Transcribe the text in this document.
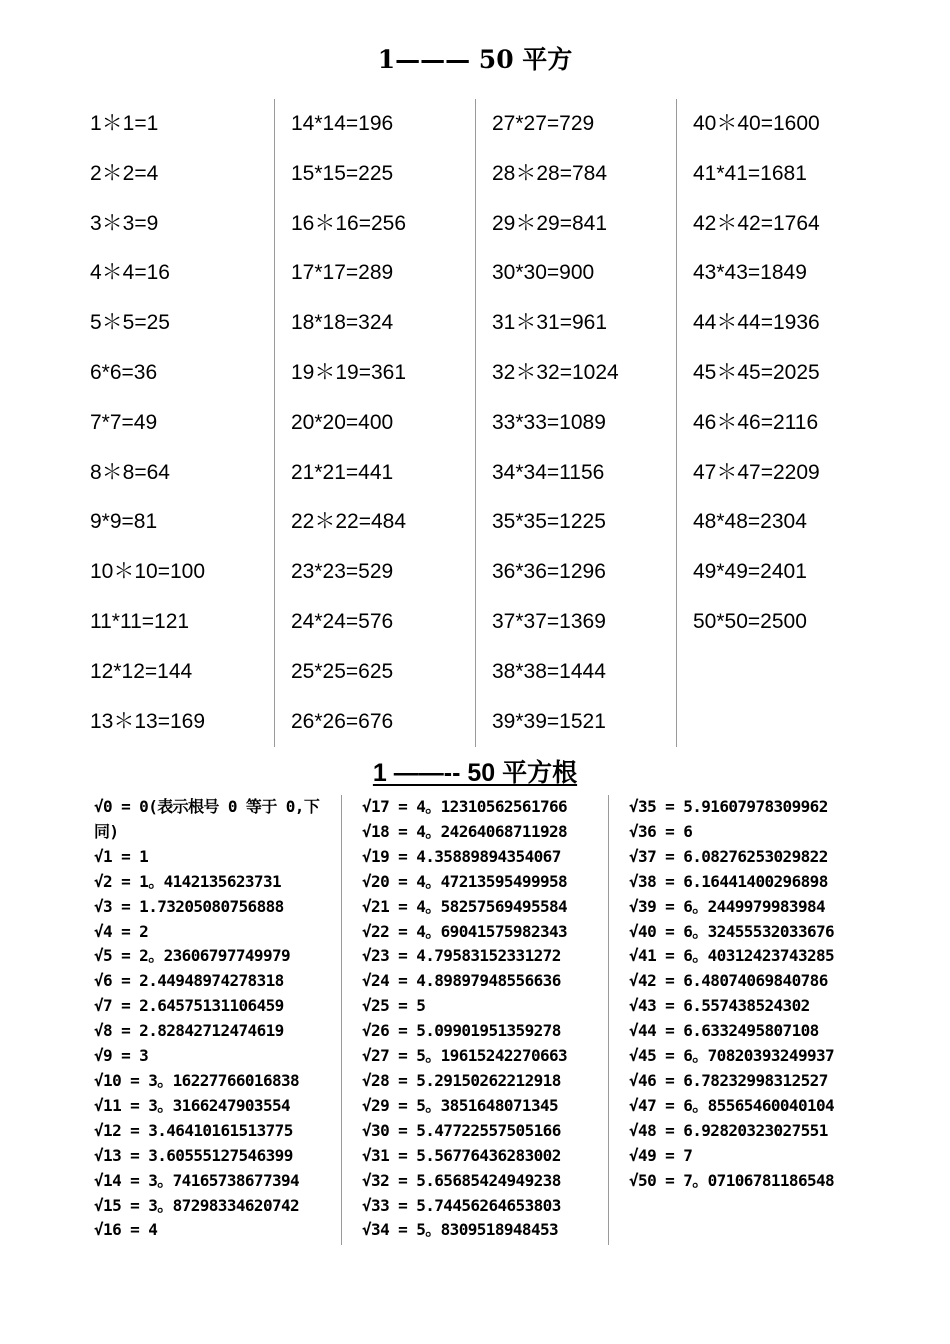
1——— 50 平方
1＊1=1
2＊2=4
3＊3=9
4＊4=16
5＊5=25
6*6=36
7*7=49
8＊8=64
9*9=81
10＊10=100
11*11=121
12*12=144
13＊13=169
14*14=196
15*15=225
16＊16=256
17*17=289
18*18=324
19＊19=361
20*20=400
21*21=441
22＊22=484
23*23=529
24*24=576
25*25=625
26*26=676
27*27=729
28＊28=784
29＊29=841
30*30=900
31＊31=961
32＊32=1024
33*33=1089
34*34=1156
35*35=1225
36*36=1296
37*37=1369
38*38=1444
39*39=1521
40＊40=1600
41*41=1681
42＊42=1764
43*43=1849
44＊44=1936
45＊45=2025
46＊46=2116
47＊47=2209
48*48=2304
49*49=2401
50*50=2500
1 ——-- 50 平方根
√0 = 0(表示根号 0 等于 0,下同)
√1 = 1
√2 = 1。4142135623731
√3 = 1.73205080756888
√4 = 2
√5 = 2。23606797749979
√6 = 2.44948974278318
√7 = 2.64575131106459
√8 = 2.82842712474619
√9 = 3
√10 = 3。16227766016838
√11 = 3。3166247903554
√12 = 3.46410161513775
√13 = 3.60555127546399
√14 = 3。74165738677394
√15 = 3。87298334620742
√16 = 4
√17 = 4。12310562561766
√18 = 4。24264068711928
√19 = 4.35889894354067
√20 = 4。47213595499958
√21 = 4。58257569495584
√22 = 4。69041575982343
√23 = 4.79583152331272
√24 = 4.89897948556636
√25 = 5
√26 = 5.09901951359278
√27 = 5。19615242270663
√28 = 5.29150262212918
√29 = 5。3851648071345
√30 = 5.47722557505166
√31 = 5.56776436283002
√32 = 5.65685424949238
√33 = 5.74456264653803
√34 = 5。8309518948453
√35 = 5.91607978309962
√36 = 6
√37 = 6.08276253029822
√38 = 6.16441400296898
√39 = 6。2449979983984
√40 = 6。32455532033676
√41 = 6。40312423743285
√42 = 6.48074069840786
√43 = 6.557438524302
√44 = 6.6332495807108
√45 = 6。70820393249937
√46 = 6.78232998312527
√47 = 6。85565460040104
√48 = 6.92820323027551
√49 = 7
√50 = 7。07106781186548
